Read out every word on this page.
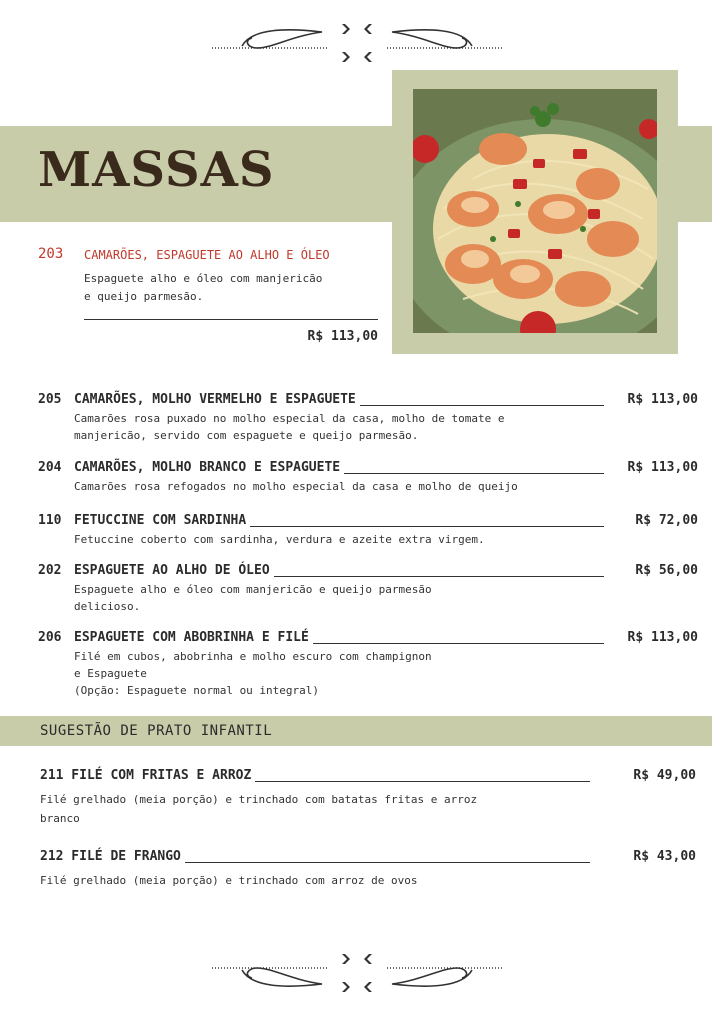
MASSAS
203 CAMARÕES, ESPAGUETE AO ALHO E ÓLEO
Espaguete alho e óleo com manjericão
e queijo parmesão.
R$ 113,00
205 CAMARÕES, MOLHO VERMELHO E ESPAGUETE	R$ 113,00
Camarões rosa puxado no molho especial da casa, molho de tomate e
manjericão, servido com espaguete e queijo parmesão.
204 CAMARÕES, MOLHO BRANCO E ESPAGUETE	R$ 113,00
Camarões rosa refogados no molho especial da casa e molho de queijo
110 FETUCCINE COM SARDINHA	R$ 72,00
Fetuccine coberto com sardinha, verdura e azeite extra virgem.
202 ESPAGUETE AO ALHO DE ÓLEO	R$ 56,00
Espaguete alho e óleo com manjericão e queijo parmesão
delicioso.
206 ESPAGUETE COM ABOBRINHA E FILÉ	R$ 113,00
Filé em cubos, abobrinha e molho escuro com champignon
e Espaguete
(Opção: Espaguete normal ou integral)
SUGESTÃO DE PRATO INFANTIL
211 FILÉ COM FRITAS E ARROZ	R$ 49,00
Filé grelhado (meia porção) e trinchado com batatas fritas e arroz
branco
212 FILÉ DE FRANGO	R$ 43,00
Filé grelhado (meia porção) e trinchado com arroz de ovos
